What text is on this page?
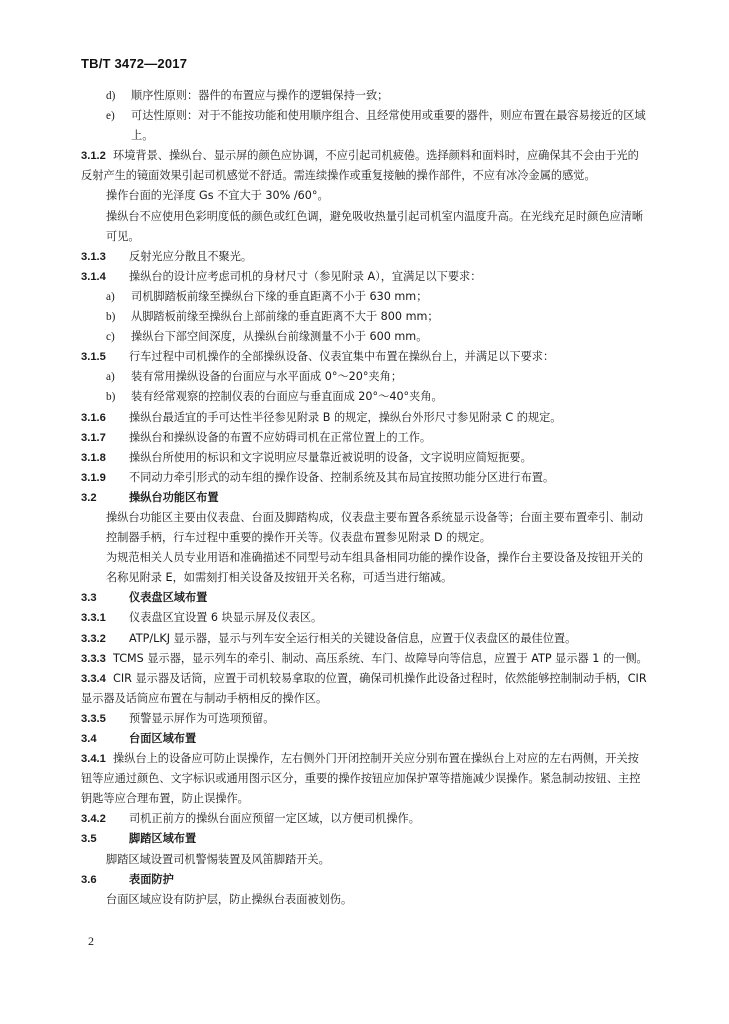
TB/T 3472—2017
d)	顺序性原则：器件的布置应与操作的逻辑保持一致；
e)	可达性原则：对于不能按功能和使用顺序组合、且经常使用或重要的器件，则应布置在最容易接近的区域上。

3.1.2 环境背景、操纵台、显示屏的颜色应协调，不应引起司机疲倦。选择颜料和面料时，应确保其不会由于光的反射产生的镜面效果引起司机感觉不舒适。需连续操作或重复接触的操作部件，不应有冰冷金属的感觉。

操作台面的光泽度 Gs 不宜大于 30% /60°。

操纵台不应使用色彩明度低的颜色或红色调，避免吸收热量引起司机室内温度升高。在光线充足时颜色应清晰可见。

3.1.3	反射光应分散且不聚光。
3.1.4	操纵台的设计应考虑司机的身材尺寸（参见附录 A），宜满足以下要求：
a)	司机脚踏板前缘至操纵台下缘的垂直距离不小于 630 mm；
b)	从脚踏板前缘至操纵台上部前缘的垂直距离不大于 800 mm；
c)	操纵台下部空间深度，从操纵台前缘测量不小于 600 mm。
3.1.5	行车过程中司机操作的全部操纵设备、仪表宜集中布置在操纵台上，并满足以下要求：
a)	装有常用操纵设备的台面应与水平面成 0°～20°夹角；
b)	装有经常观察的控制仪表的台面应与垂直面成 20°～40°夹角。
3.1.6	操纵台最适宜的手可达性半径参见附录 B 的规定，操纵台外形尺寸参见附录 C 的规定。
3.1.7	操纵台和操纵设备的布置不应妨碍司机在正常位置上的工作。
3.1.8	操纵台所使用的标识和文字说明应尽量靠近被说明的设备，文字说明应简短扼要。
3.1.9	不同动力牵引形式的动车组的操作设备、控制系统及其布局宜按照功能分区进行布置。
3.2	操纵台功能区布置

操纵台功能区主要由仪表盘、台面及脚踏构成，仪表盘主要布置各系统显示设备等；台面主要布置牵引、制动控制器手柄，行车过程中重要的操作开关等。仪表盘布置参见附录 D 的规定。

为规范相关人员专业用语和准确描述不同型号动车组具备相同功能的操作设备，操作台主要设备及按钮开关的名称见附录 E，如需刻打相关设备及按钮开关名称，可适当进行缩减。

3.3	仪表盘区域布置
3.3.1	仪表盘区宜设置 6 块显示屏及仪表区。
3.3.2	ATP/LKJ 显示器，显示与列车安全运行相关的关键设备信息，应置于仪表盘区的最佳位置。

3.3.3 TCMS 显示器，显示列车的牵引、制动、高压系统、车门、故障导向等信息，应置于 ATP 显示器 1 的一侧。

3.3.4 CIR 显示器及话筒，应置于司机较易拿取的位置，确保司机操作此设备过程时，依然能够控制制动手柄，CIR 显示器及话筒应布置在与制动手柄相反的操作区。

3.3.5	预警显示屏作为可选项预留。
3.4	台面区域布置

3.4.1 操纵台上的设备应可防止误操作，左右侧外门开闭控制开关应分别布置在操纵台上对应的左右两侧，开关按钮等应通过颜色、文字标识或通用图示区分，重要的操作按钮应加保护罩等措施减少误操作。紧急制动按钮、主控钥匙等应合理布置，防止误操作。

3.4.2	司机正前方的操纵台面应预留一定区域，以方便司机操作。
3.5	脚踏区域布置

脚踏区域设置司机警惕装置及风笛脚踏开关。

3.6	表面防护

台面区域应设有防护层，防止操纵台表面被划伤。

2
